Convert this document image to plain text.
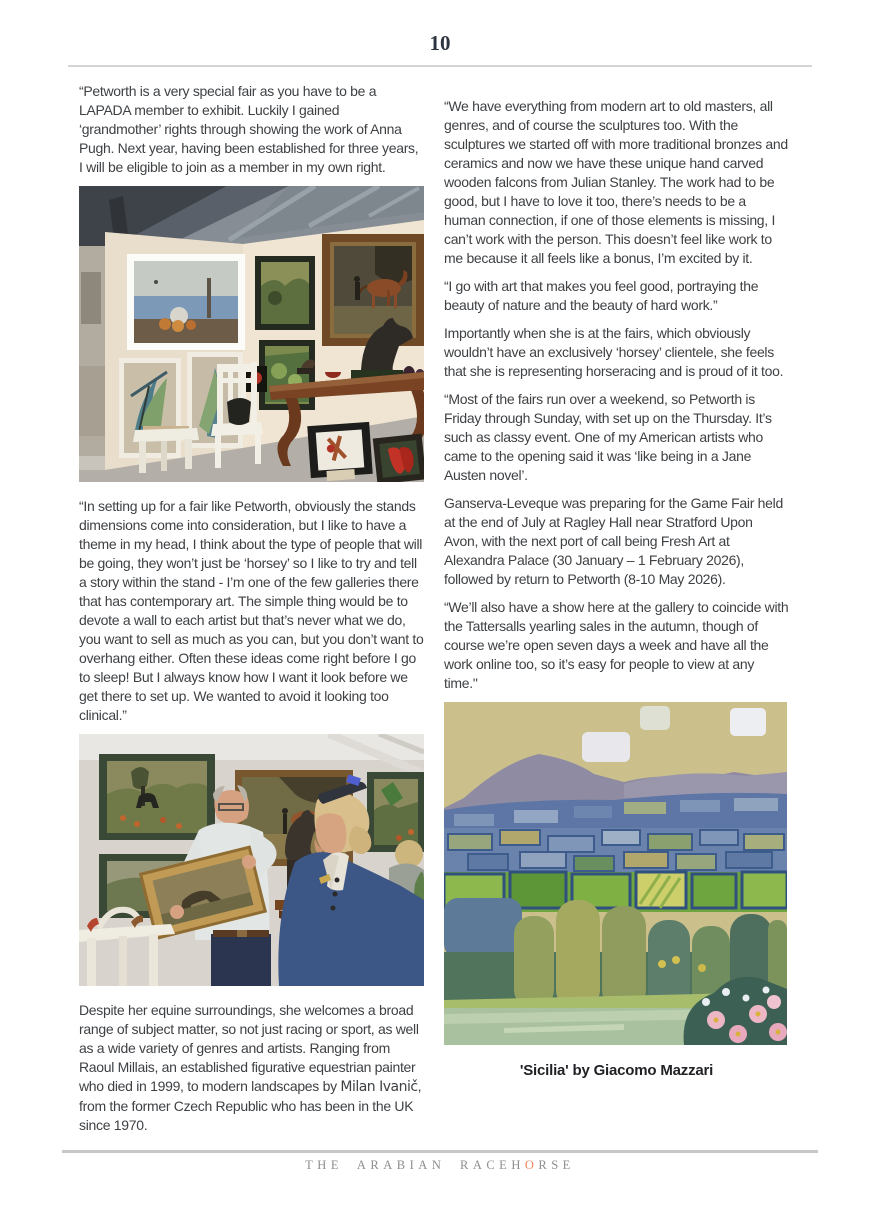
10

“Petworth is a very special fair as you have to be a LAPADA member to exhibit. Luckily I gained ‘grandmother’ rights through showing the work of Anna Pugh. Next year, having been established for three years, I will be eligible to join as a member in my own right.

“In setting up for a fair like Petworth, obviously the stands dimensions come into consideration, but I like to have a theme in my head, I think about the type of people that will be going, they won’t just be ‘horsey’ so I like to try and tell a story within the stand - I’m one of the few galleries there that has contemporary art. The simple thing would be to devote a wall to each artist but that’s never what we do, you want to sell as much as you can, but you don’t want to overhang either. Often these ideas come right before I go to sleep! But I always know how I want it look before we get there to set up. We wanted to avoid it looking too clinical.”

Despite her equine surroundings, she welcomes a broad range of subject matter, so not just racing or sport, as well as a wide variety of genres and artists. Ranging from Raoul Millais, an established figurative equestrian painter who died in 1999, to modern landscapes by Milan Ivanič, from the former Czech Republic who has been in the UK since 1970.

“We have everything from modern art to old masters, all genres, and of course the sculptures too. With the sculptures we started off with more traditional bronzes and ceramics and now we have these unique hand carved wooden falcons from Julian Stanley. The work had to be good, but I have to love it too, there’s needs to be a human connection, if one of those elements is missing, I can’t work with the person. This doesn’t feel like work to me because it all feels like a bonus, I’m excited by it.

“I go with art that makes you feel good, portraying the beauty of nature and the beauty of hard work.”

Importantly when she is at the fairs, which obviously wouldn’t have an exclusively ‘horsey’ clientele, she feels that she is representing horseracing and is proud of it too.

“Most of the fairs run over a weekend, so Petworth is Friday through Sunday, with set up on the Thursday. It’s such as classy event. One of my American artists who came to the opening said it was ‘like being in a Jane Austen novel’.

Ganserva-Leveque was preparing for the Game Fair held at the end of July at Ragley Hall near Stratford Upon Avon, with the next port of call being Fresh Art at Alexandra Palace (30 January – 1 February 2026), followed by return to Petworth (8-10 May 2026).

“We’ll also have a show here at the gallery to coincide with the Tattersalls yearling sales in the autumn, though of course we’re open seven days a week and have all the work online too, so it’s easy for people to view at any time."

'Sicilia' by Giacomo Mazzari
THE ARABIAN RACEHORSE
